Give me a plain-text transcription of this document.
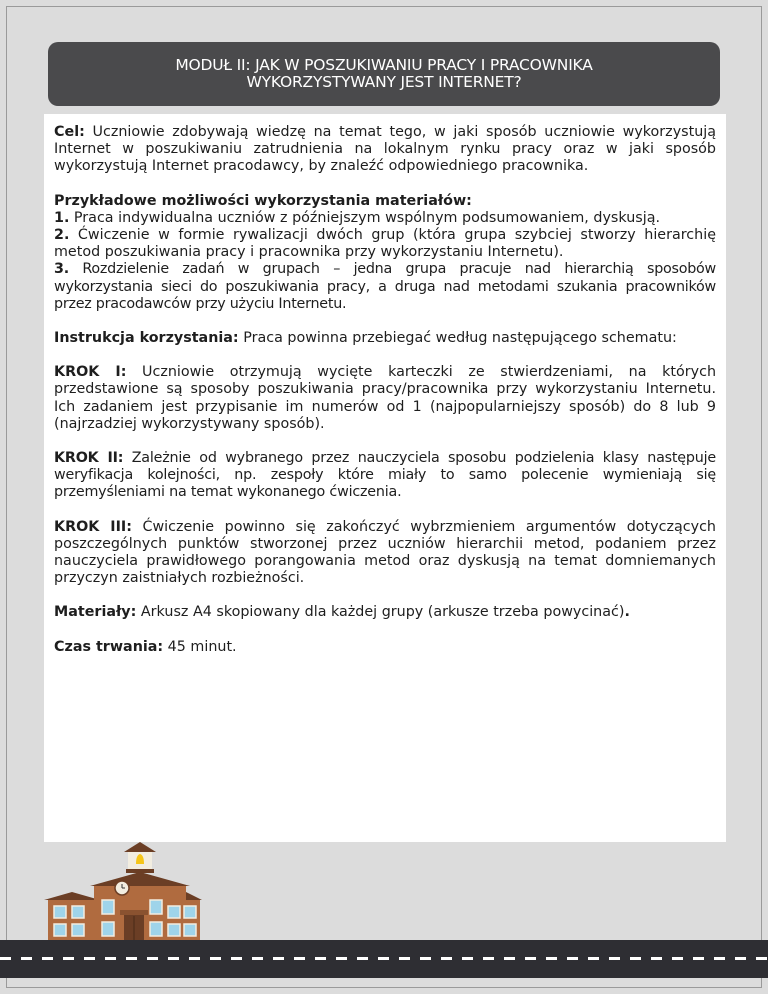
MODUŁ II: JAK W POSZUKIWANIU PRACY I PRACOWNIKA
WYKORZYSTYWANY JEST INTERNET?

Cel: Uczniowie zdobywają wiedzę na temat tego, w jaki sposób uczniowie wykorzystują Internet w poszukiwaniu zatrudnienia na lokalnym rynku pracy oraz w jaki sposób wykorzystują Internet pracodawcy, by znaleźć odpowiedniego pracownika.

Przykładowe możliwości wykorzystania materiałów:

1. Praca indywidualna uczniów z późniejszym wspólnym podsumowaniem, dyskusją.

2. Ćwiczenie w formie rywalizacji dwóch grup (która grupa szybciej stworzy hierarchię metod poszukiwania pracy i pracownika przy wykorzystaniu Internetu).

3. Rozdzielenie zadań w grupach – jedna grupa pracuje nad hierarchią sposobów wykorzystania sieci do poszukiwania pracy, a druga nad metodami szukania pracowników przez pracodawców przy użyciu Internetu.

Instrukcja korzystania: Praca powinna przebiegać według następującego schematu:

KROK I: Uczniowie otrzymują wycięte karteczki ze stwierdzeniami, na których przedstawione są sposoby poszukiwania pracy/pracownika przy wykorzystaniu Internetu. Ich zadaniem jest przypisanie im numerów od 1 (najpopularniejszy sposób) do 8 lub 9 (najrzadziej wykorzystywany sposób).

KROK II: Zależnie od wybranego przez nauczyciela sposobu podzielenia klasy następuje weryfikacja kolejności, np. zespoły które miały to samo polecenie wymieniają się przemyśleniami na temat wykonanego ćwiczenia.

KROK III: Ćwiczenie powinno się zakończyć wybrzmieniem argumentów dotyczących poszczególnych punktów stworzonej przez uczniów hierarchii metod, podaniem przez nauczyciela prawidłowego porangowania metod oraz dyskusją na temat domniemanych przyczyn zaistniałych rozbieżności.

Materiały: Arkusz A4 skopiowany dla każdej grupy (arkusze trzeba powycinać).

Czas trwania: 45 minut.
